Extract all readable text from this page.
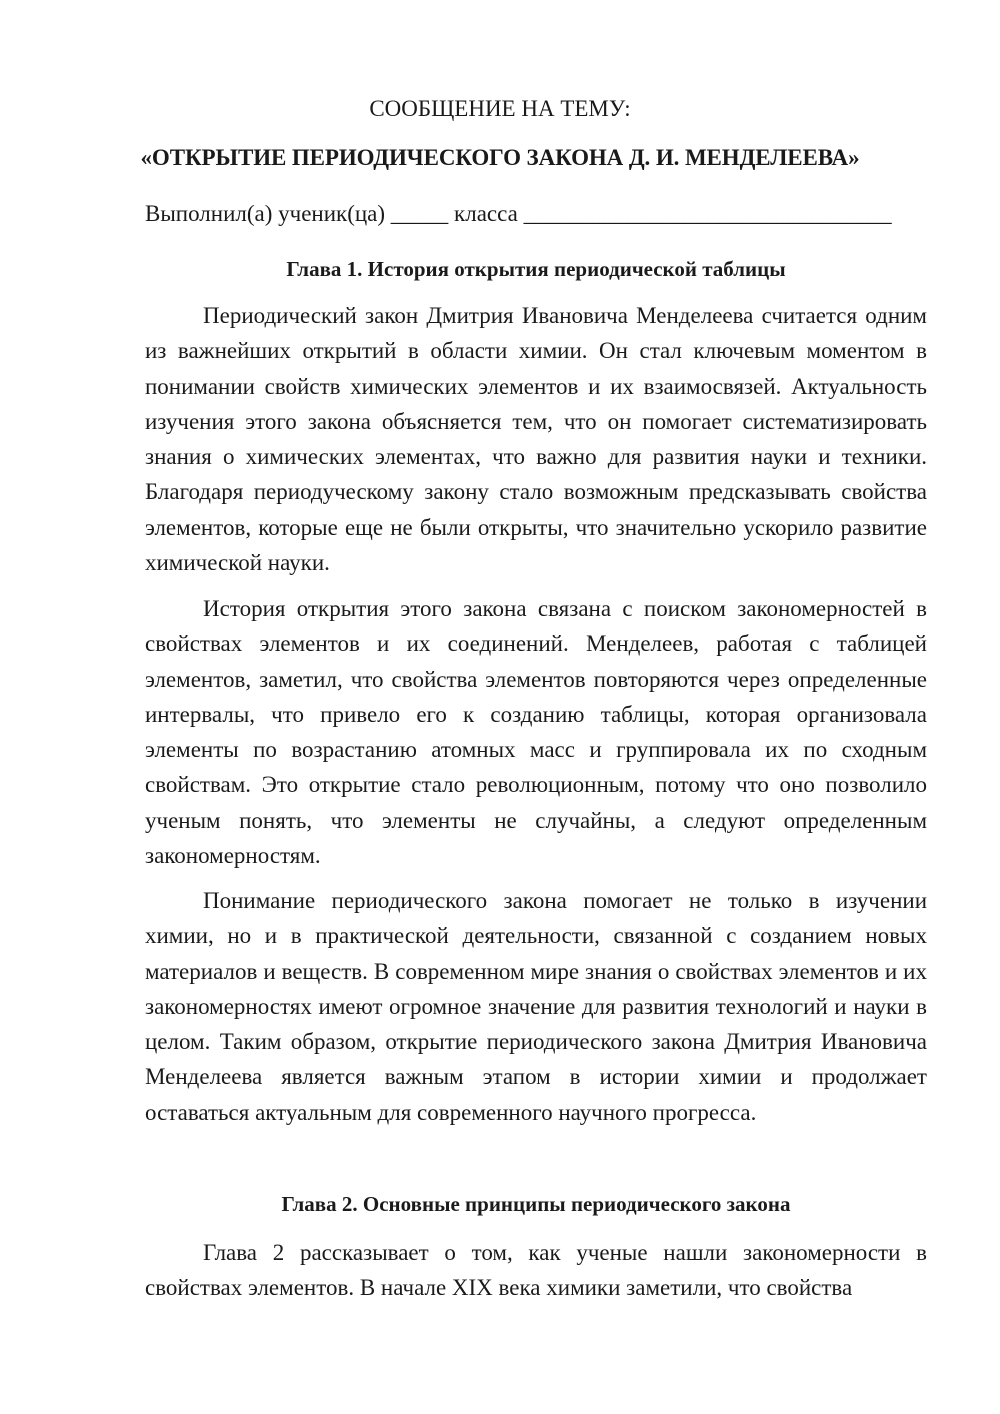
СООБЩЕНИЕ НА ТЕМУ:
«ОТКРЫТИЕ ПЕРИОДИЧЕСКОГО ЗАКОНА Д. И. МЕНДЕЛЕЕВА»
Выполнил(а) ученик(ца) _____ класса ________________________________
Глава 1. История открытия периодической таблицы

Периодический закон Дмитрия Ивановича Менделеева считается одним из важнейших открытий в области химии. Он стал ключевым моментом в понимании свойств химических элементов и их взаимосвязей. Актуальность изучения этого закона объясняется тем, что он помогает систематизировать знания о химических элементах, что важно для развития науки и техники. Благодаря периодуческому закону стало возможным предсказывать свойства элементов, которые еще не были открыты, что значительно ускорило развитие химической науки.

История открытия этого закона связана с поиском закономерностей в свойствах элементов и их соединений. Менделеев, работая с таблицей элементов, заметил, что свойства элементов повторяются через определенные интервалы, что привело его к созданию таблицы, которая организовала элементы по возрастанию атомных масс и группировала их по сходным свойствам. Это открытие стало революционным, потому что оно позволило ученым понять, что элементы не случайны, а следуют определенным закономерностям.

Понимание периодического закона помогает не только в изучении химии, но и в практической деятельности, связанной с созданием новых материалов и веществ. В современном мире знания о свойствах элементов и их закономерностях имеют огромное значение для развития технологий и науки в целом. Таким образом, открытие периодического закона Дмитрия Ивановича Менделеева является важным этапом в истории химии и продолжает оставаться актуальным для современного научного прогресса.

Глава 2. Основные принципы периодического закона

Глава 2 рассказывает о том, как ученые нашли закономерности в свойствах элементов. В начале XIX века химики заметили, что свойства
